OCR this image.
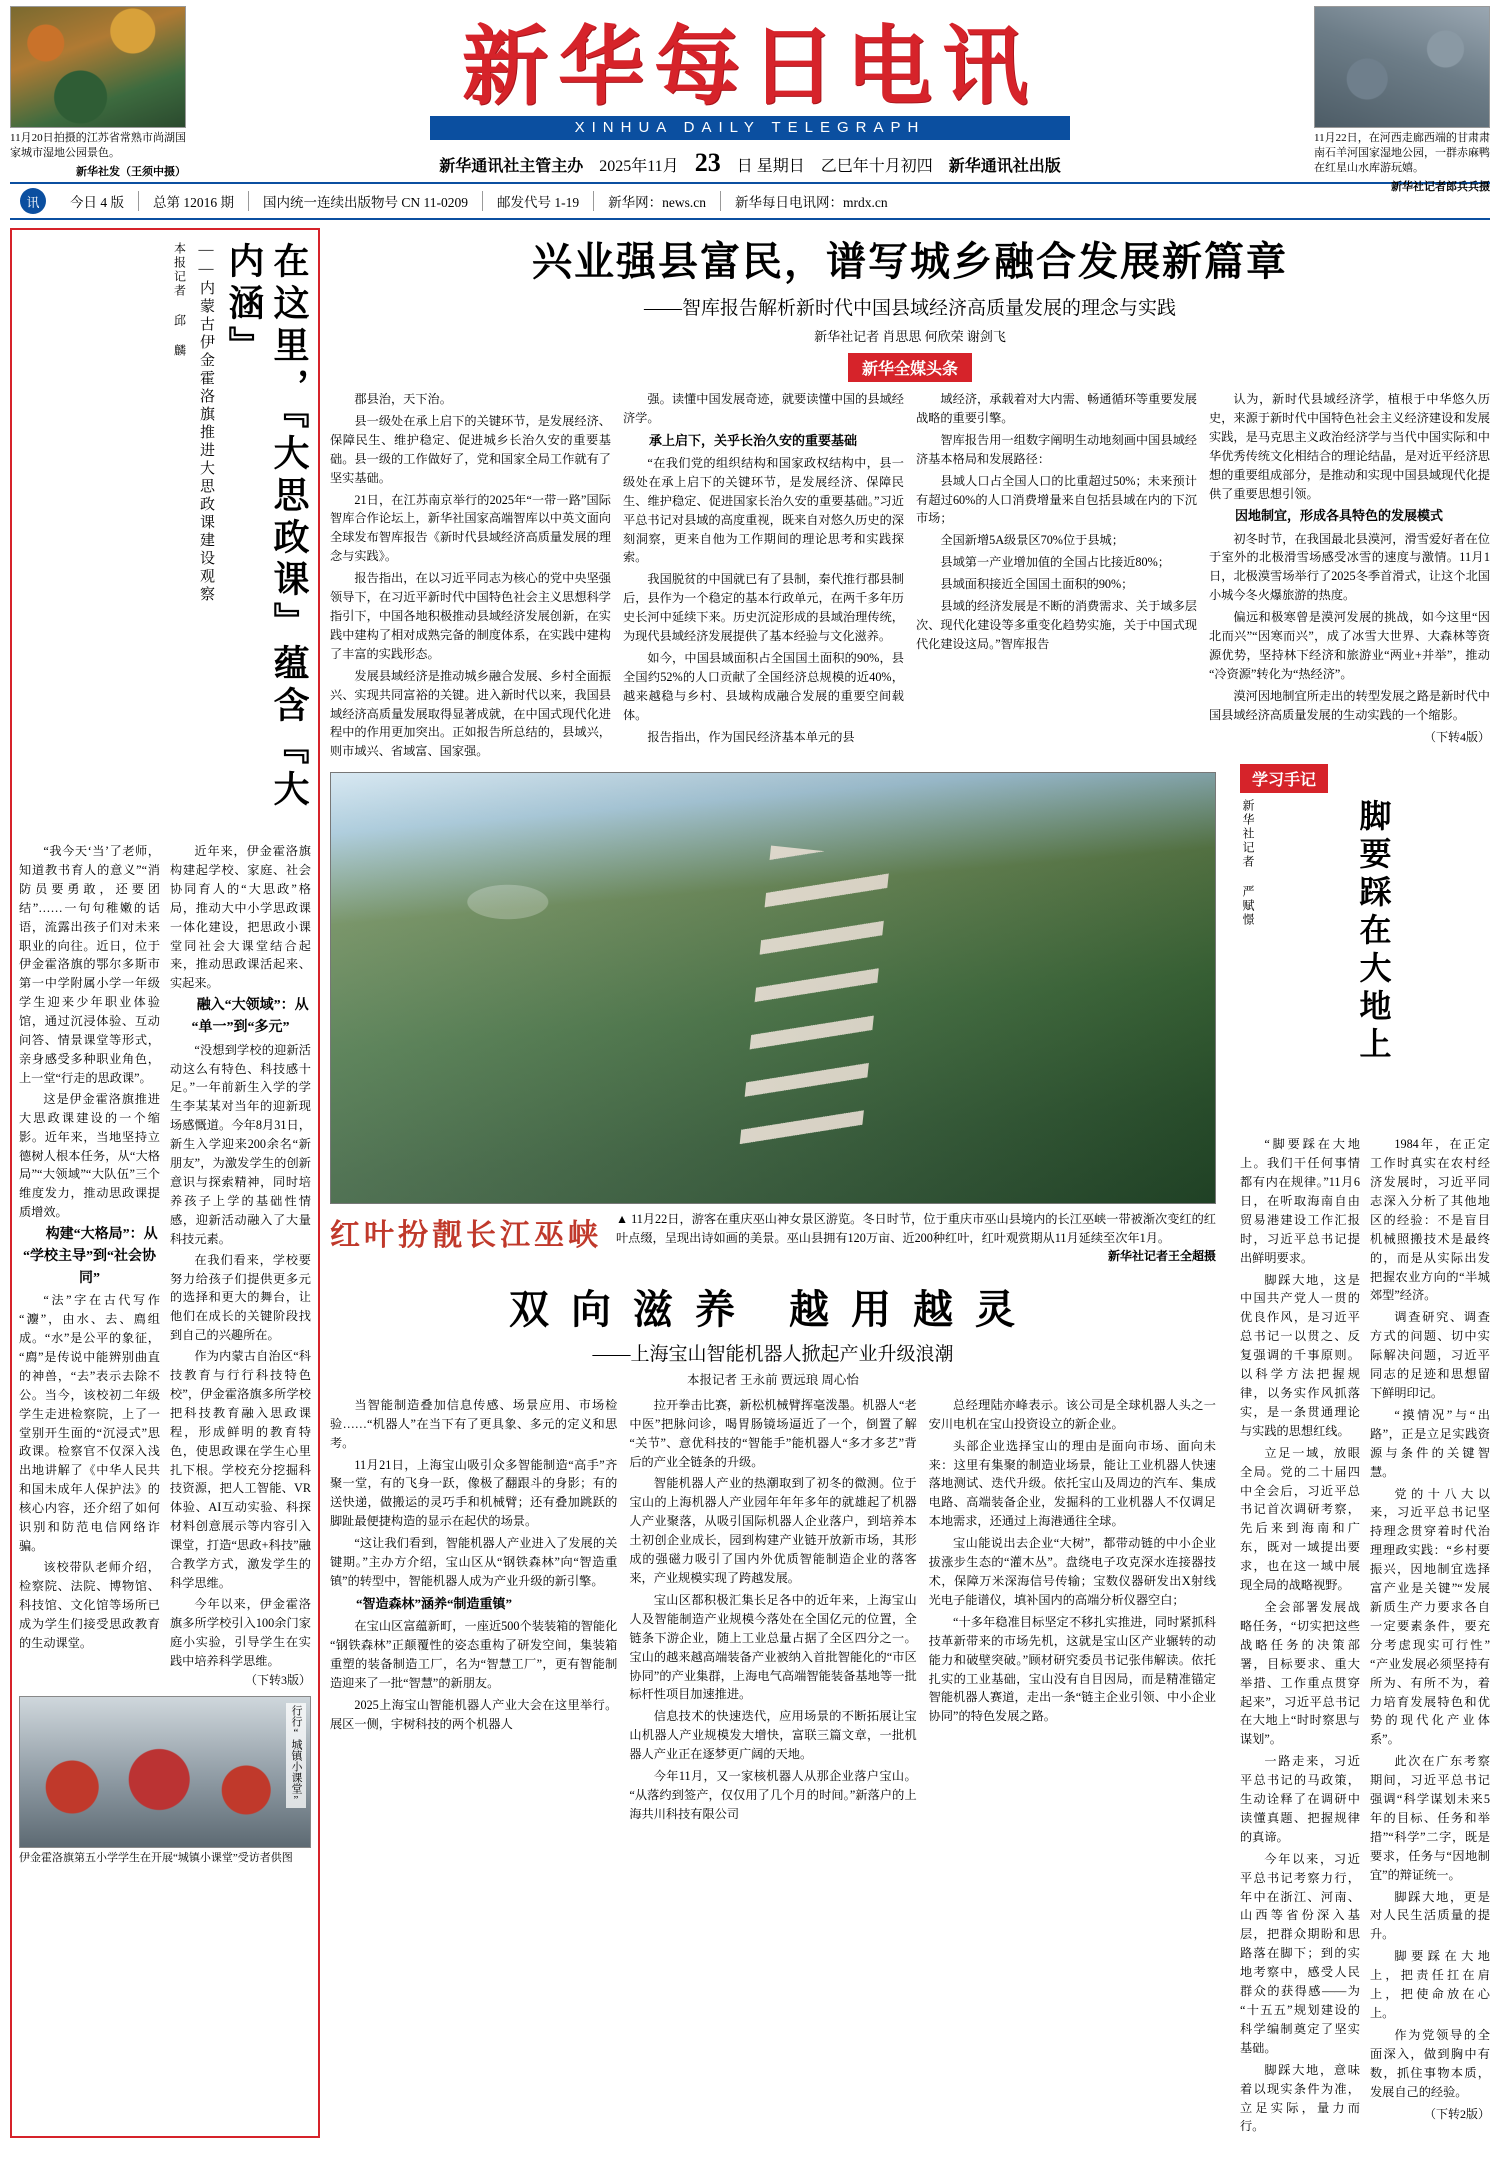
11月20日拍摄的江苏省常熟市尚湖国家城市湿地公园景色。
新华社发（王须中摄）
新华每日电讯
XINHUA DAILY TELEGRAPH
新华通讯社主管主办 2025年11月 23 日 星期日 乙巳年十月初四 新华通讯社出版
11月22日，在河西走廊西端的甘肃肃南石羊河国家湿地公园，一群赤麻鸭在红星山水库游玩嬉。
新华社记者郎兵兵摄
讯	今日 4 版	总第 12016 期	国内统一连续出版物号 CN 11-0209	邮发代号 1-19	新华网：news.cn	新华每日电讯网：mrdx.cn
在这里，『大思政课』蕴含『大内涵』
——内蒙古伊金霍洛旗推进大思政课建设观察
本报记者 邱 麟

“我今天‘当’了老师，知道教书育人的意义”“消防员要勇敢，还要团结”……一句句稚嫩的话语，流露出孩子们对未来职业的向往。近日，位于伊金霍洛旗的鄂尔多斯市第一中学附属小学一年级学生迎来少年职业体验馆，通过沉浸体验、互动问答、情景课堂等形式，亲身感受多种职业角色，上一堂“行走的思政课”。

这是伊金霍洛旗推进大思政课建设的一个缩影。近年来，当地坚持立德树人根本任务，从“大格局”“大领域”“大队伍”三个维度发力，推动思政课提质增效。

构建“大格局”：从“学校主导”到“社会协同”

“法”字在古代写作“灋”，由水、去、廌组成。“水”是公平的象征，“廌”是传说中能辨别曲直的神兽，“去”表示去除不公。当今，该校初二年级学生走进检察院，上了一堂别开生面的“沉浸式”思政课。检察官不仅深入浅出地讲解了《中华人民共和国未成年人保护法》的核心内容，还介绍了如何识别和防范电信网络诈骗。

该校带队老师介绍，检察院、法院、博物馆、科技馆、文化馆等场所已成为学生们接受思政教育的生动课堂。

近年来，伊金霍洛旗构建起学校、家庭、社会协同育人的“大思政”格局，推动大中小学思政课一体化建设，把思政小课堂同社会大课堂结合起来，推动思政课活起来、实起来。

融入“大领域”：从“单一”到“多元”

“没想到学校的迎新活动这么有特色、科技感十足。”一年前新生入学的学生李某某对当年的迎新现场感慨道。今年8月31日，新生入学迎来200余名“新朋友”，为激发学生的创新意识与探索精神，同时培养孩子上学的基础性情感，迎新活动融入了大量科技元素。

在我们看来，学校要努力给孩子们提供更多元的选择和更大的舞台，让他们在成长的关键阶段找到自己的兴趣所在。

作为内蒙古自治区“科技教育与行行科技特色校”，伊金霍洛旗多所学校把科技教育融入思政课程，形成鲜明的教育特色，使思政课在学生心里扎下根。学校充分挖掘科技资源，把人工智能、VR体验、AI互动实验、科探材料创意展示等内容引入课堂，打造“思政+科技”融合教学方式，激发学生的科学思维。

今年以来，伊金霍洛旗多所学校引入100余门家庭小实验，引导学生在实践中培养科学思维。

（下转3版）
行行“城镇小课堂”
伊金霍洛旗第五小学学生在开展“城镇小课堂”受访者供图
兴业强县富民，谱写城乡融合发展新篇章
——智库报告解析新时代中国县域经济高质量发展的理念与实践
新华社记者 肖思思 何欣荣 谢剑飞
新华全媒头条

郡县治，天下治。

县一级处在承上启下的关键环节，是发展经济、保障民生、维护稳定、促进城乡长治久安的重要基础。县一级的工作做好了，党和国家全局工作就有了坚实基础。

21日，在江苏南京举行的2025年“一带一路”国际智库合作论坛上，新华社国家高端智库以中英文面向全球发布智库报告《新时代县域经济高质量发展的理念与实践》。

报告指出，在以习近平同志为核心的党中央坚强领导下，在习近平新时代中国特色社会主义思想科学指引下，中国各地积极推动县域经济发展创新，在实践中建构了相对成熟完备的制度体系，在实践中建构了丰富的实践形态。

发展县域经济是推动城乡融合发展、乡村全面振兴、实现共同富裕的关键。进入新时代以来，我国县域经济高质量发展取得显著成就，在中国式现代化进程中的作用更加突出。正如报告所总结的，县域兴，则市域兴、省域富、国家强。

强。读懂中国发展奇迹，就要读懂中国的县域经济学。

承上启下，关乎长治久安的重要基础

“在我们党的组织结构和国家政权结构中，县一级处在承上启下的关键环节，是发展经济、保障民生、维护稳定、促进国家长治久安的重要基础。”习近平总书记对县域的高度重视，既来自对悠久历史的深刻洞察，更来自他为工作期间的理论思考和实践探索。

我国脱贫的中国就已有了县制，秦代推行郡县制后，县作为一个稳定的基本行政单元，在两千多年历史长河中延续下来。历史沉淀形成的县域治理传统，为现代县域经济发展提供了基本经验与文化滋养。

如今，中国县域面积占全国国土面积的90%，县全国约52%的人口贡献了全国经济总规模的近40%，越来越稳与乡村、县域构成融合发展的重要空间载体。

报告指出，作为国民经济基本单元的县

域经济，承载着对大内需、畅通循环等重要发展战略的重要引擎。

智库报告用一组数字阐明生动地刻画中国县域经济基本格局和发展路径：

县域人口占全国人口的比重超过50%；未来预计有超过60%的人口消费增量来自包括县域在内的下沉市场；

全国新增5A级景区70%位于县城；

县域第一产业增加值的全国占比接近80%；

县域面积接近全国国土面积的90%；

县域的经济发展是不断的消费需求、关于域多层次、现代化建设等多重变化趋势实施，关于中国式现代化建设这局。”智库报告

认为，新时代县域经济学，植根于中华悠久历史，来源于新时代中国特色社会主义经济建设和发展实践，是马克思主义政治经济学与当代中国实际和中华优秀传统文化相结合的理论结晶，是对近平经济思想的重要组成部分，是推动和实现中国县域现代化提供了重要思想引领。

因地制宜，形成各具特色的发展模式

初冬时节，在我国最北县漠河，滑雪爱好者在位于室外的北极滑雪场感受冰雪的速度与激情。11月1日，北极漠雪场举行了2025冬季首滑式，让这个北国小城今冬火爆旅游的热度。

偏远和极寒曾是漠河发展的挑战，如今这里“因北而兴”“因寒而兴”，成了冰雪大世界、大森林等资源优势，坚持林下经济和旅游业“两业+并举”，推动“冷资源”转化为“热经济”。

漠河因地制宜所走出的转型发展之路是新时代中国县域经济高质量发展的生动实践的一个缩影。

（下转4版）

红叶扮靓长江巫峡 ▲ 11月22日，游客在重庆巫山神女景区游览。冬日时节，位于重庆市巫山县境内的长江巫峡一带被渐次变红的红叶点缀，呈现出诗如画的美景。巫山县拥有120万亩、近200种红叶，红叶观赏期从11月延续至次年1月。
新华社记者王全超摄
双向滋养 越用越灵
——上海宝山智能机器人掀起产业升级浪潮
本报记者 王永前 贾远琅 周心怡

当智能制造叠加信息传感、场景应用、市场检验……“机器人”在当下有了更具象、多元的定义和思考。

11月21日，上海宝山吸引众多智能制造“高手”齐聚一堂，有的飞身一跃，像极了翻跟斗的身影；有的送快递，做搬运的灵巧手和机械臂；还有叠加跳跃的脚趾最便捷构造的显示在起伏的场景。

“这让我们看到，智能机器人产业进入了发展的关键期。”主办方介绍，宝山区从“钢铁森林”向“智造重镇”的转型中，智能机器人成为产业升级的新引擎。

“智造森林”涵养“制造重镇”

在宝山区富蕴新町，一座近500个装装箱的智能化“钢铁森林”正颠覆性的姿态重构了研发空间，集装箱重塑的装备制造工厂，名为“智慧工厂”，更有智能制造迎来了一批“智慧”的新朋友。

2025上海宝山智能机器人产业大会在这里举行。展区一侧，宇树科技的两个机器人

拉开拳击比赛，新松机械臂挥毫泼墨。机器人“老中医”把脉问诊，喝胃肠镜场逼近了一个，倒置了解“关节”、意优科技的“智能手”能机器人“多才多艺”背后的产业全链条的升级。

智能机器人产业的热潮取到了初冬的微测。位于宝山的上海机器人产业园年年年多年的就雄起了机器人产业聚落，从吸引国际机器人企业落户，到培养本土初创企业成长，园到构建产业链开放新市场，其形成的强磁力吸引了国内外优质智能制造企业的落客来，产业规模实现了跨越发展。

宝山区都积极汇集长足各中的近年来，上海宝山人及智能制造产业规模今落处在全国亿元的位置，全链条下游企业，随上工业总量占据了全区四分之一。宝山的越来越高端装备产业被纳入首批智能化的“市区协同”的产业集群，上海电气高端智能装备基地等一批标杆性项目加速推进。

信息技术的快速迭代，应用场景的不断拓展让宝山机器人产业规模发大增快，富联三篇文章，一批机器人产业正在逐梦更广阔的天地。

今年11月，又一家核机器人从那企业落户宝山。“从落约到签产，仅仅用了几个月的时间。”新落户的上海共川科技有限公司

总经理陆亦峰表示。该公司是全球机器人头之一安川电机在宝山投资设立的新企业。

头部企业选择宝山的理由是面向市场、面向未来：这里有集聚的制造业场景，能让工业机器人快速落地测试、迭代升级。依托宝山及周边的汽车、集成电路、高端装备企业，发掘科的工业机器人不仅调足本地需求，还通过上海港通往全球。

宝山能说出去企业“大树”，都带动链的中小企业拔涨步生态的“灌木丛”。盘绕电子攻克深水连接器技术，保障万米深海信号传输；宝数仪器研发出X射线光电子能谱仪，填补国内的高端分析仪器空白；

“十多年稳准目标坚定不移扎实推进，同时紧抓科技革新带来的市场先机，这就是宝山区产业辗转的动能力和破壁突破。”顾材研究委员书记张伟解读。依托扎实的工业基础，宝山没有自目因局，而是精准锚定智能机器人赛道，走出一条“链主企业引领、中小企业协同”的特色发展之路。

学习手记
脚要踩在大地上
新华社记者 严赋憬

“脚要踩在大地上。我们干任何事情都有内在规律。”11月6日，在听取海南自由贸易港建设工作汇报时，习近平总书记提出鲜明要求。

脚踩大地，这是中国共产党人一贯的优良作风，是习近平总书记一以贯之、反复强调的千事原则。以科学方法把握规律，以务实作风抓落实，是一条贯通理论与实践的思想红线。

立足一域，放眼全局。党的二十届四中全会后，习近平总书记首次调研考察，先后来到海南和广东，既对一域提出要求，也在这一域中展现全局的战略视野。

全会部署发展战略任务，“切实把这些战略任务的决策部署，目标要求、重大举措、工作重点贯穿起来”，习近平总书记在大地上“时时察思与谋划”。

一路走来，习近平总书记的马政策，生动诠释了在调研中读懂真题、把握规律的真谛。

今年以来，习近平总书记考察力行，年中在浙江、河南、山西等省份深入基层，把群众期盼和思路落在脚下；到的实地考察中，感受人民群众的获得感——为“十五五”规划建设的科学编制奠定了坚实基础。

脚踩大地，意味着以现实条件为准，立足实际，量力而行。

1984年，在正定工作时真实在农村经济发展时，习近平同志深入分析了其他地区的经验：不是盲目机械照搬技术是最终的，而是从实际出发把握农业方向的“半城郊型”经济。

调查研究、调查方式的问题、切中实际解决问题，习近平同志的足迹和思想留下鲜明印记。

“摸情况”与“出路”，正是立足实践资源与条件的关键智慧。

党的十八大以来，习近平总书记坚持理念贯穿着时代治理理政实践：“乡村要振兴，因地制宜选择富产业是关键”“发展新质生产力要求各自一定要素条件，要充分考虑现实可行性”“产业发展必须坚持有所为、有所不为，着力培育发展特色和优势的现代化产业体系”。

此次在广东考察期间，习近平总书记强调“科学谋划未来5年的目标、任务和举措”“科学”二字，既是要求，任务与“因地制宜”的辩证统一。

脚踩大地，更是对人民生活质量的提升。

脚要踩在大地上，把责任扛在肩上，把使命放在心上。

作为党领导的全面深入，做到胸中有数，抓住事物本质，发展自己的经验。

（下转2版）
